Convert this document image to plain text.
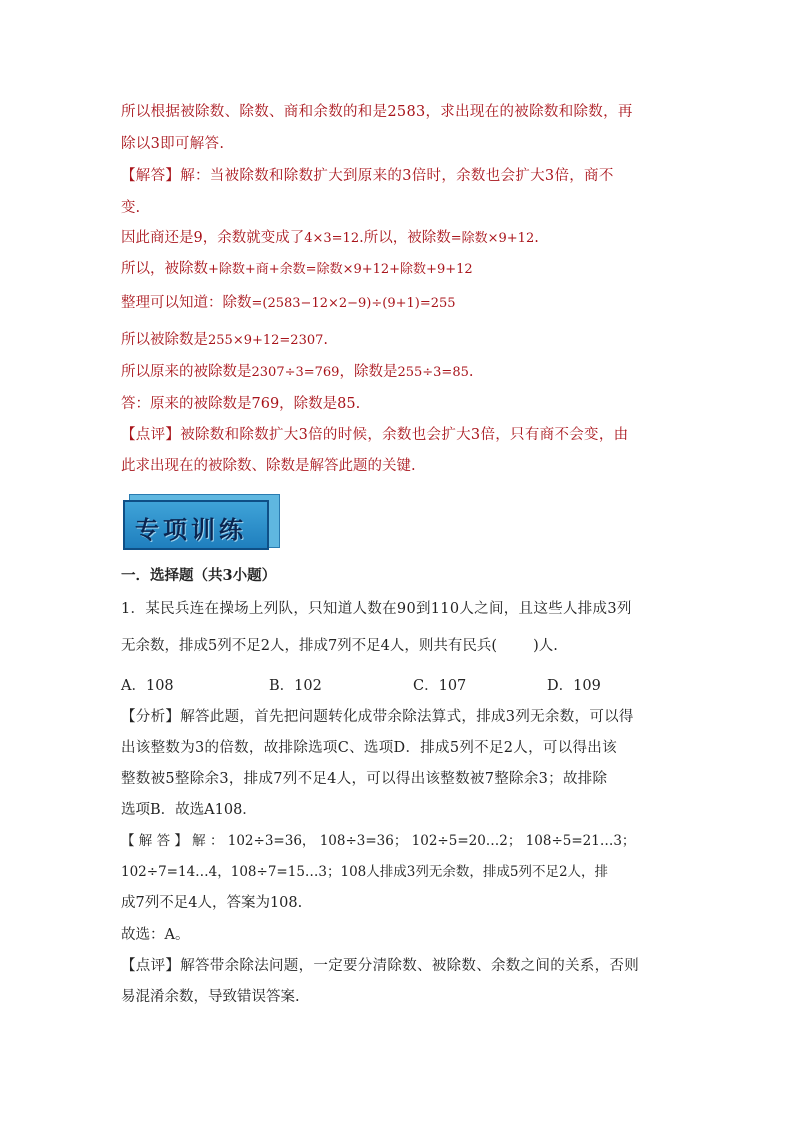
所以根据被除数、除数、商和余数的和是2583，求出现在的被除数和除数，再
除以3即可解答.
【解答】解：当被除数和除数扩大到原来的3倍时，余数也会扩大3倍，商不
变.
因此商还是9，余数就变成了4×3=12.所以，被除数=除数×9+12.
所以，被除数+除数+商+余数=除数×9+12+除数+9+12
整理可以知道：除数=(2583−12×2−9)÷(9+1)=255
所以被除数是255×9+12=2307.
所以原来的被除数是2307÷3=769，除数是255÷3=85.
答：原来的被除数是769，除数是85.
【点评】被除数和除数扩大3倍的时候，余数也会扩大3倍，只有商不会变，由
此求出现在的被除数、除数是解答此题的关键.
专项训练
一．选择题（共3小题）
1．某民兵连在操场上列队，只知道人数在90到110人之间，且这些人排成3列
无余数，排成5列不足2人，排成7列不足4人，则共有民兵( )人.
A．108	B．102	C．107	D．109
【分析】解答此题，首先把问题转化成带余除法算式，排成3列无余数，可以得
出该整数为3的倍数，故排除选项C、选项D．排成5列不足2人，可以得出该
整数被5整除余3，排成7列不足4人，可以得出该整数被7整除余3；故排除
选项B．故选A108．
【 解 答 】 解 ： 102÷3=36， 108÷3=36； 102÷5=20…2； 108÷5=21…3；
102÷7=14…4，108÷7=15…3；108人排成3列无余数，排成5列不足2人，排
成7列不足4人，答案为108.
故选：A。
【点评】解答带余除法问题，一定要分清除数、被除数、余数之间的关系，否则
易混淆余数，导致错误答案.
